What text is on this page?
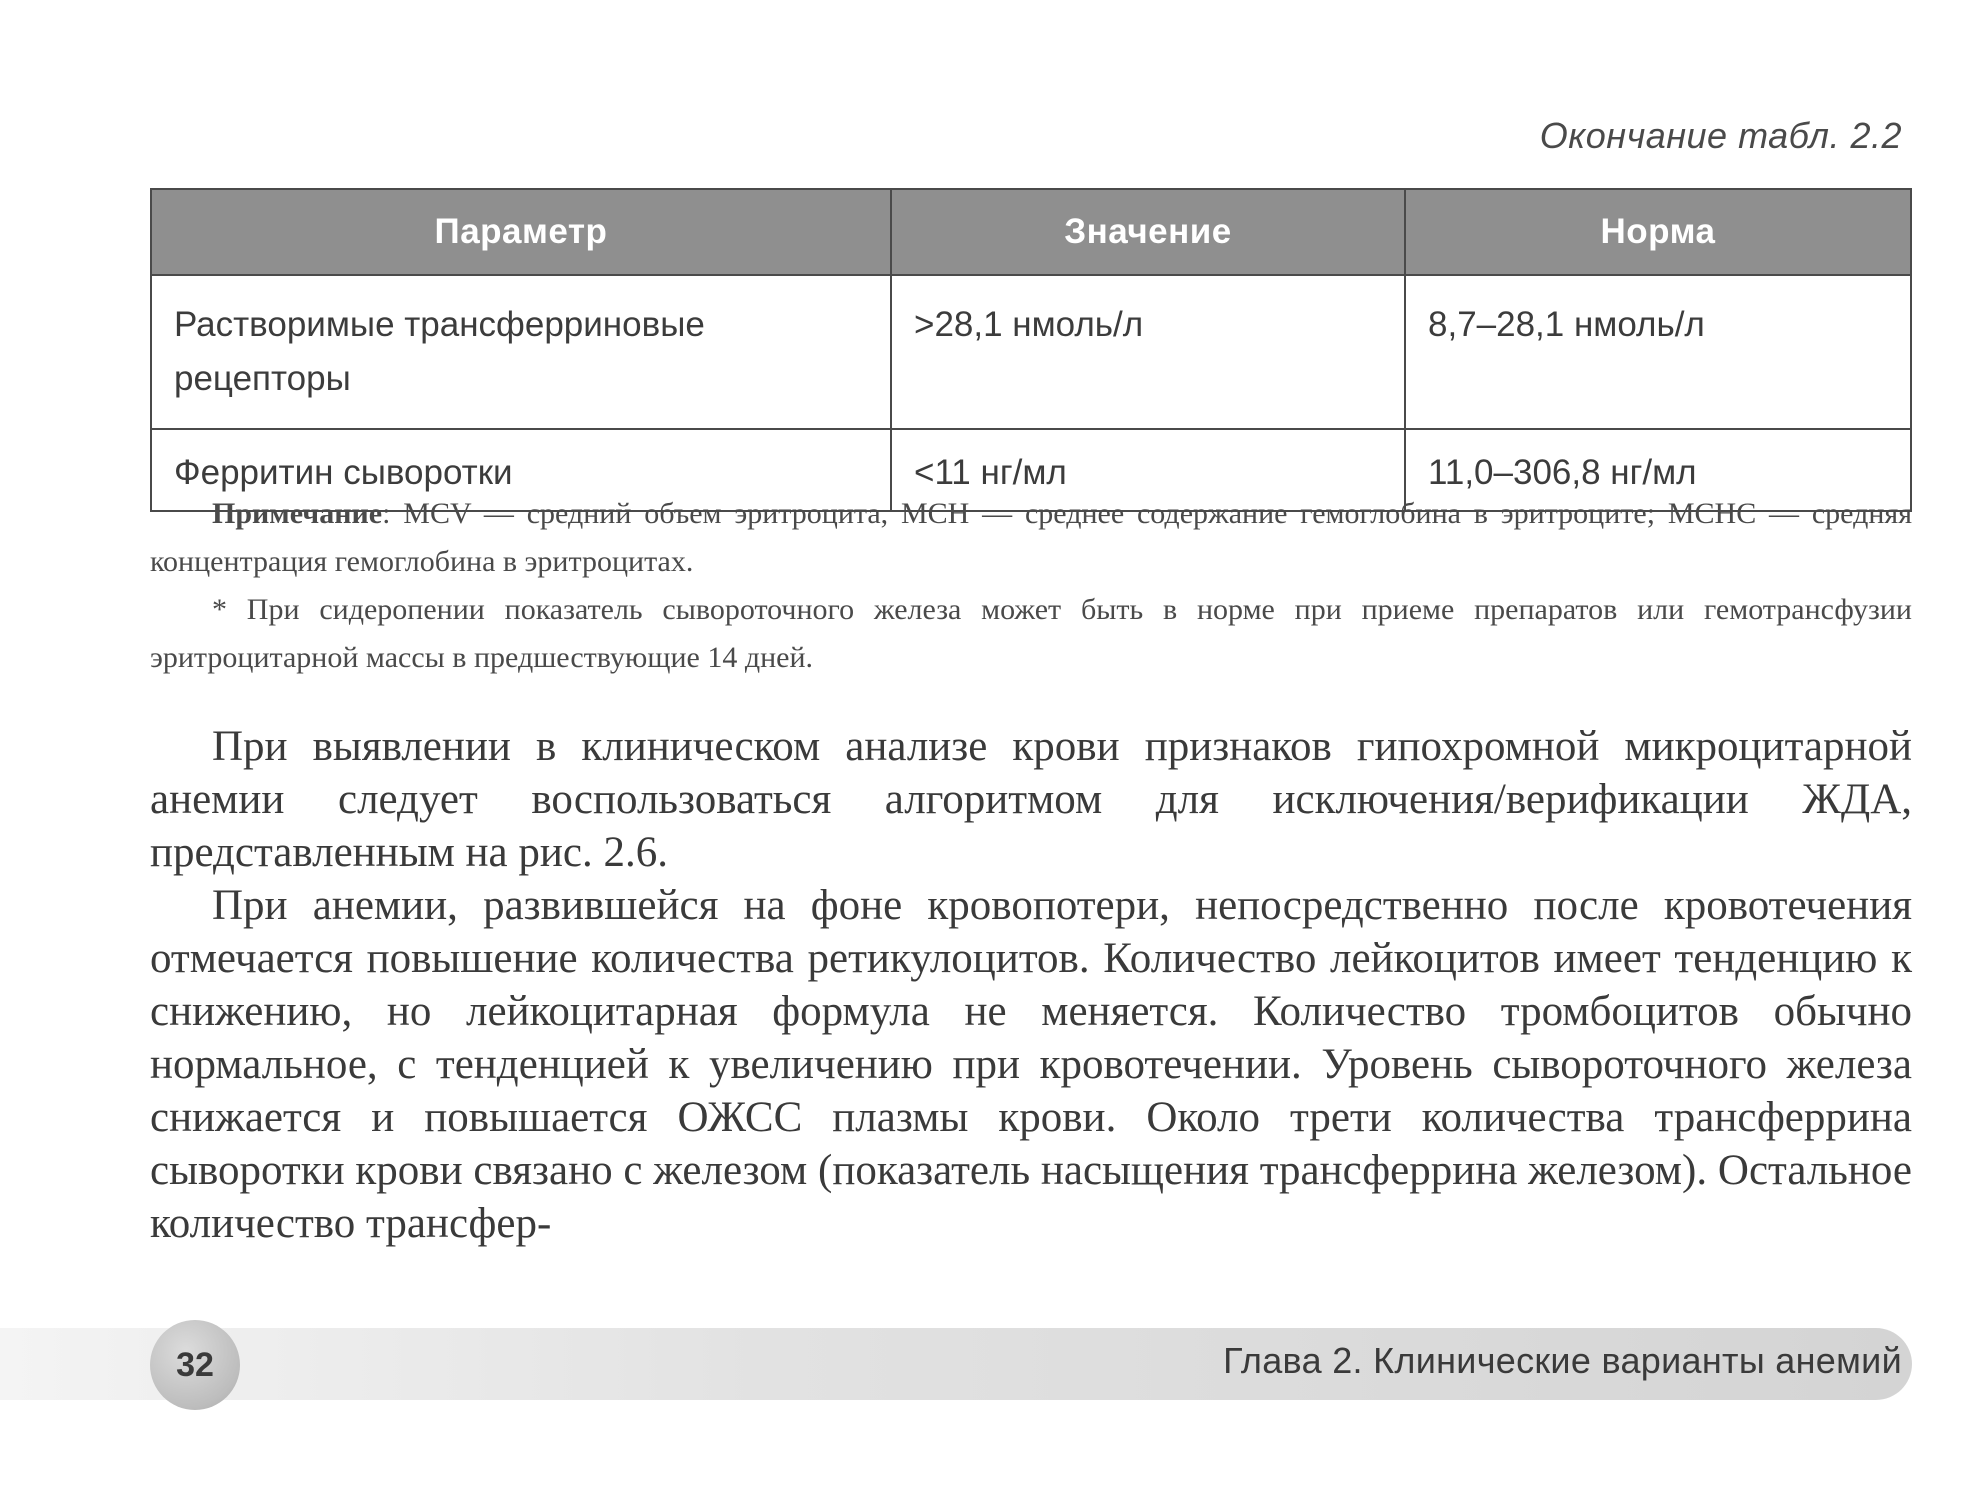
Окончание табл. 2.2
Параметр	Значение	Норма
Растворимые трансферриновые рецепторы	>28,1 нмоль/л	8,7–28,1 нмоль/л
Ферритин сыворотки	<11 нг/мл	11,0–306,8 нг/мл

Примечание: MCV — средний объем эритроцита, МСН — среднее содержание гемоглобина в эритроците; МСНС — средняя концентрация гемоглобина в эритроцитах.

* При сидеропении показатель сывороточного железа может быть в норме при приеме препаратов или гемотрансфузии эритроцитарной массы в предшествующие 14 дней.

При выявлении в клиническом анализе крови признаков гипохромной микроцитарной анемии следует воспользоваться алгоритмом для исключения/верификации ЖДА, представленным на рис. 2.6.

При анемии, развившейся на фоне кровопотери, непосредственно после кровотечения отмечается повышение количества ретикулоцитов. Количество лейкоцитов имеет тенденцию к снижению, но лейкоцитарная формула не меняется. Количество тромбоцитов обычно нормальное, с тенденцией к увеличению при кровотечении. Уровень сывороточного железа снижается и повышается ОЖСС плазмы крови. Около трети количества трансферрина сыворотки крови связано с железом (показатель насыщения трансферрина железом). Остальное количество трансфер-

32	Глава 2. Клинические варианты анемий
